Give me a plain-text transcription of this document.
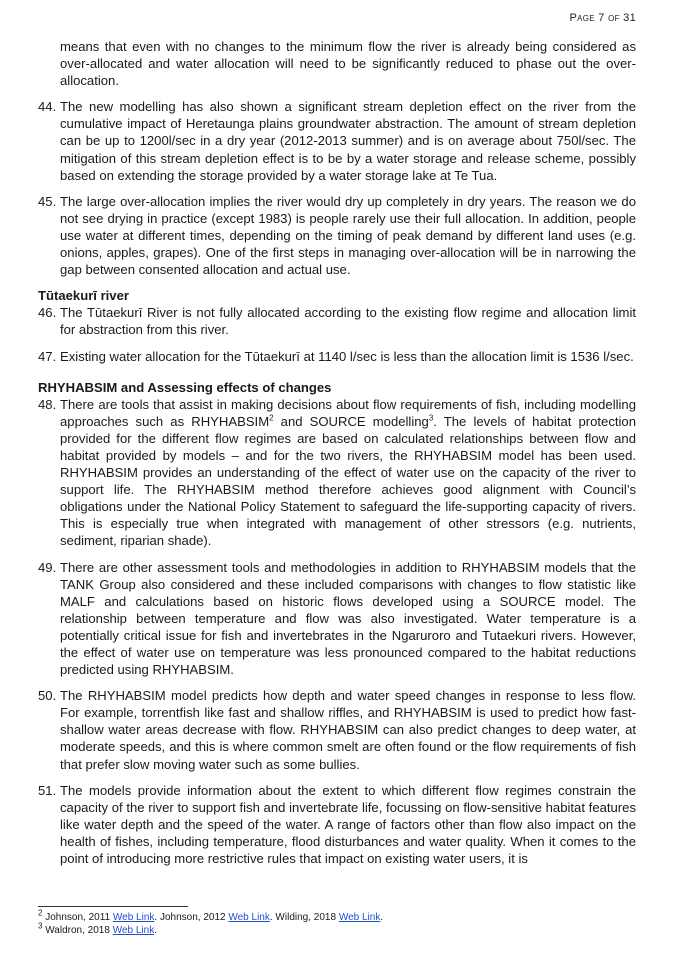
Page 7 of 31

means that even with no changes to the minimum flow the river is already being considered as over-allocated and water allocation will need to be significantly reduced to phase out the over-allocation.

44. The new modelling has also shown a significant stream depletion effect on the river from the cumulative impact of Heretaunga plains groundwater abstraction. The amount of stream depletion can be up to 1200l/sec in a dry year (2012-2013 summer) and is on average about 750l/sec. The mitigation of this stream depletion effect is to be by a water storage and release scheme, possibly based on extending the storage provided by a water storage lake at Te Tua.
45. The large over-allocation implies the river would dry up completely in dry years. The reason we do not see drying in practice (except 1983) is people rarely use their full allocation. In addition, people use water at different times, depending on the timing of peak demand by different land uses (e.g. onions, apples, grapes). One of the first steps in managing over-allocation will be in narrowing the gap between consented allocation and actual use.
Tūtaekurī river
46. The Tūtaekurī River is not fully allocated according to the existing flow regime and allocation limit for abstraction from this river.
47. Existing water allocation for the Tūtaekurī at 1140 l/sec is less than the allocation limit is 1536 l/sec.
RHYHABSIM and Assessing effects of changes
48. There are tools that assist in making decisions about flow requirements of fish, including modelling approaches such as RHYHABSIM$^2$ and SOURCE modelling$^3$. The levels of habitat protection provided for the different flow regimes are based on calculated relationships between flow and habitat provided by models – and for the two rivers, the RHYHABSIM model has been used. RHYHABSIM provides an understanding of the effect of water use on the capacity of the river to support life. The RHYHABSIM method therefore achieves good alignment with Council’s obligations under the National Policy Statement to safeguard the life-supporting capacity of rivers. This is especially true when integrated with management of other stressors (e.g. nutrients, sediment, riparian shade).
49. There are other assessment tools and methodologies in addition to RHYHABSIM models that the TANK Group also considered and these included comparisons with changes to flow statistic like MALF and calculations based on historic flows developed using a SOURCE model. The relationship between temperature and flow was also investigated. Water temperature is a potentially critical issue for fish and invertebrates in the Ngaruroro and Tutaekuri rivers. However, the effect of water use on temperature was less pronounced compared to the habitat reductions predicted using RHYHABSIM.
50. The RHYHABSIM model predicts how depth and water speed changes in response to less flow. For example, torrentfish like fast and shallow riffles, and RHYHABSIM is used to predict how fast-shallow water areas decrease with flow. RHYHABSIM can also predict changes to deep water, at moderate speeds, and this is where common smelt are often found or the flow requirements of fish that prefer slow moving water such as some bullies.
51. The models provide information about the extent to which different flow regimes constrain the capacity of the river to support fish and invertebrate life, focussing on flow-sensitive habitat features like water depth and the speed of the water. A range of factors other than flow also impact on the health of fishes, including temperature, flood disturbances and water quality. When it comes to the point of introducing more restrictive rules that impact on existing water users, it is
$^2$ Johnson, 2011 Web Link. Johnson, 2012 Web Link. Wilding, 2018 Web Link.
$^3$ Waldron, 2018 Web Link.
